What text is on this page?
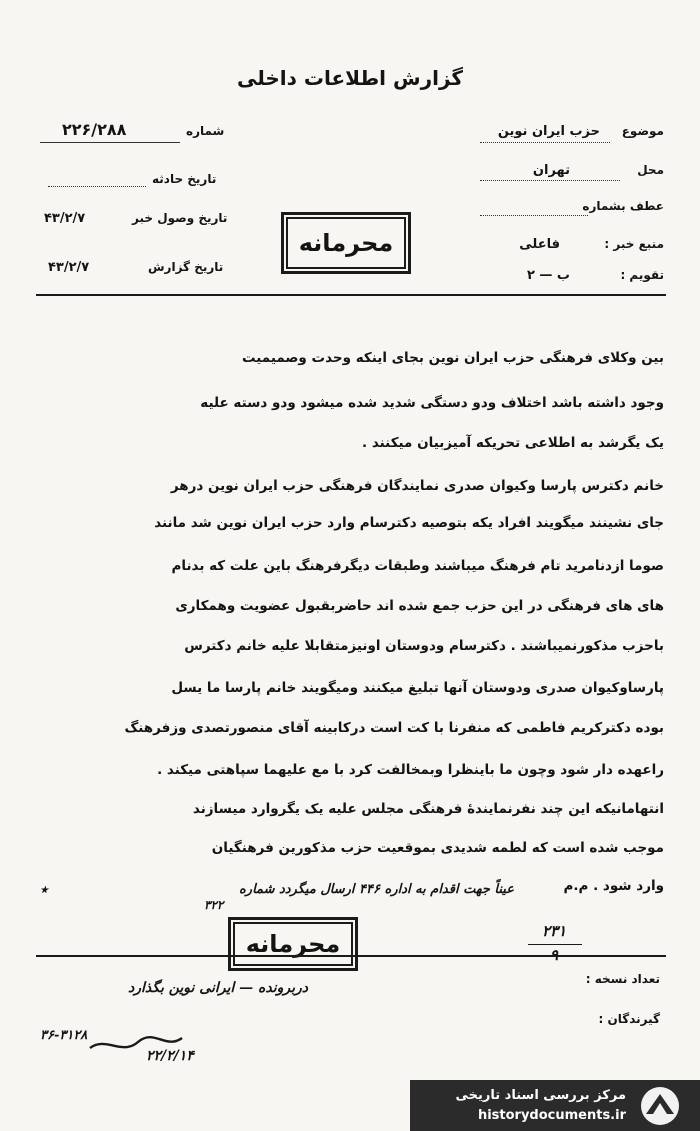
گزارش اطلاعات داخلی
موضوع
حزب ایران نوین
محل
تهران
عطف بشماره
منبع خبر :
فاعلی
تقویم :
ب — ۲
محرمانه
شماره
۲۲۶/۲۸۸
تاریخ حادثه
تاریخ وصول خبر
۴۳/۲/۷
تاریخ گزارش
۴۳/۲/۷
بین وکلای فرهنگی حزب ایران نوین بجای اینکه وحدت وصمیمیت
وجود داشته باشد اختلاف ودو دستگی شدید شده میشود ودو دسته علیه
یک یگرشد به اطلاعی تحریکه آمیزبیان میکنند .
خانم دکترس پارسا وکیوان صدری نمایندگان فرهنگی حزب ایران نوین درهر
جای نشینند میگویند افراد یکه بتوصیه دکترسام وارد حزب ایران نوین شد مانند
صوما ازدنامرید تام فرهنگ میباشند وطبقات دیگرفرهنگ باین علت که بدنام
های های فرهنگی در این حزب جمع شده اند حاضربقبول عضویت وهمکاری
باحزب مذکورنمیباشند . دکترسام ودوستان اونیزمتقابلا علیه خانم دکترس
پارساوکیوان صدری ودوستان آنها تبلیغ میکنند ومیگویند خانم پارسا ما یسل
بوده دکترکریم فاطمی که منفرنا با کت است درکابینه آقای منصورتصدی وزفرهنگ
راعهده دار شود وچون ما باینظرا وبمخالفت کرد با مع علیهما سپاهتی میکند .
انتهامانیکه این چند نفرنمایندۀ فرهنگی مجلس علیه یک یگروارد میسازند
موجب شده است که لطمه شدیدی بموقعیت حزب مذکورین فرهنگیان
وارد شود . م.م
عیناً جهت اقدام به اداره ۴۴۶ ارسال میگردد شماره
۳۲۲
٭
محرمانه	۲۳۱
۹
تعداد نسخه :
گیرندگان :
دربرونده — ایرانی نوین بگذارد
۳۶-۳۱۲۸
۲۲/۲/۱۴
مرکز بررسی اسناد تاریخی
historydocuments.ir
